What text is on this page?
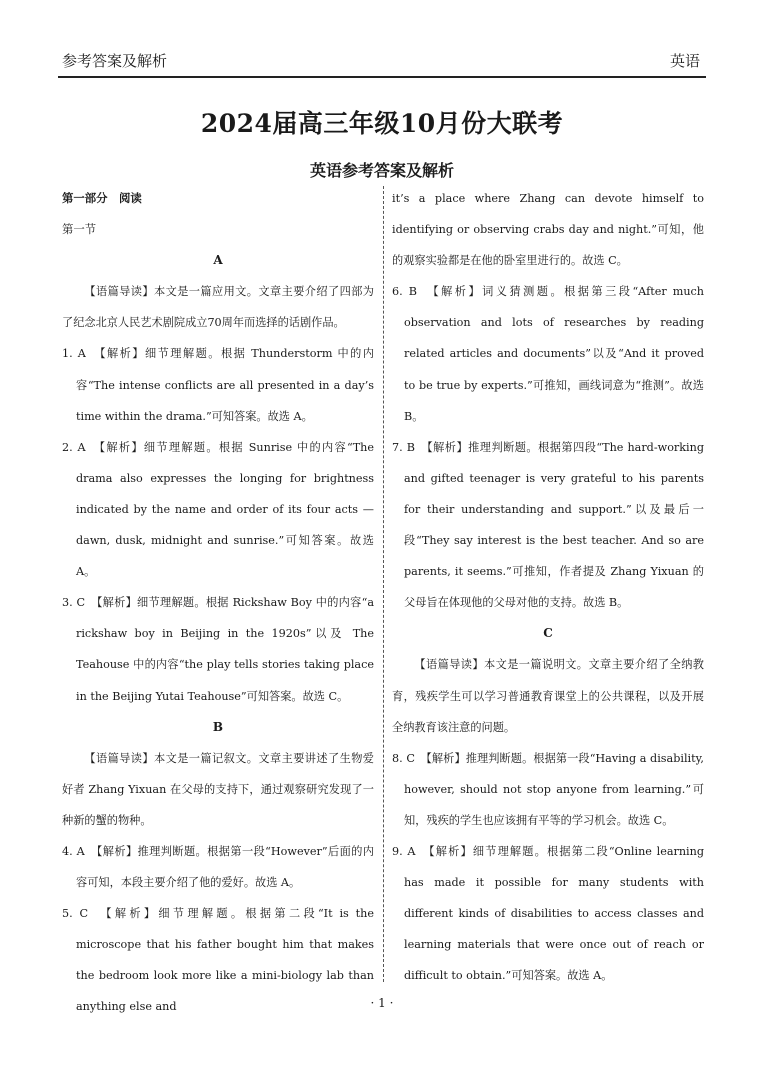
参考答案及解析	英语
2024届高三年级10月份大联考
英语参考答案及解析

第一部分　阅读

第一节

A

【语篇导读】本文是一篇应用文。文章主要介绍了四部为了纪念北京人民艺术剧院成立70周年而选择的话剧作品。

1. A　【解析】细节理解题。根据 Thunderstorm 中的内容“The intense conflicts are all presented in a day’s time within the drama.”可知答案。故选 A。

2. A　【解析】细节理解题。根据 Sunrise 中的内容“The drama also expresses the longing for brightness indicated by the name and order of its four acts — dawn, dusk, midnight and sunrise.”可知答案。故选 A。

3. C　【解析】细节理解题。根据 Rickshaw Boy 中的内容“a rickshaw boy in Beijing in the 1920s”以及 The Teahouse 中的内容“the play tells stories taking place in the Beijing Yutai Teahouse”可知答案。故选 C。

B

【语篇导读】本文是一篇记叙文。文章主要讲述了生物爱好者 Zhang Yixuan 在父母的支持下，通过观察研究发现了一种新的蟹的物种。

4. A　【解析】推理判断题。根据第一段“However”后面的内容可知，本段主要介绍了他的爱好。故选 A。

5. C　【解析】细节理解题。根据第二段“It is the microscope that his father bought him that makes the bedroom look more like a mini-biology lab than anything else and

it’s a place where Zhang can devote himself to identifying or observing crabs day and night.”可知，他的观察实验都是在他的卧室里进行的。故选 C。

6. B　【解析】词义猜测题。根据第三段“After much observation and lots of researches by reading related articles and documents”以及“And it proved to be true by experts.”可推知，画线词意为“推测”。故选 B。

7. B　【解析】推理判断题。根据第四段“The hard-working and gifted teenager is very grateful to his parents for their understanding and support.”以及最后一段“They say interest is the best teacher. And so are parents, it seems.”可推知，作者提及 Zhang Yixuan 的父母旨在体现他的父母对他的支持。故选 B。

C

【语篇导读】本文是一篇说明文。文章主要介绍了全纳教育，残疾学生可以学习普通教育课堂上的公共课程，以及开展全纳教育该注意的问题。

8. C　【解析】推理判断题。根据第一段“Having a disability, however, should not stop anyone from learning.”可知，残疾的学生也应该拥有平等的学习机会。故选 C。

9. A　【解析】细节理解题。根据第二段“Online learning has made it possible for many students with different kinds of disabilities to access classes and learning materials that were once out of reach or difficult to obtain.”可知答案。故选 A。

· 1 ·
